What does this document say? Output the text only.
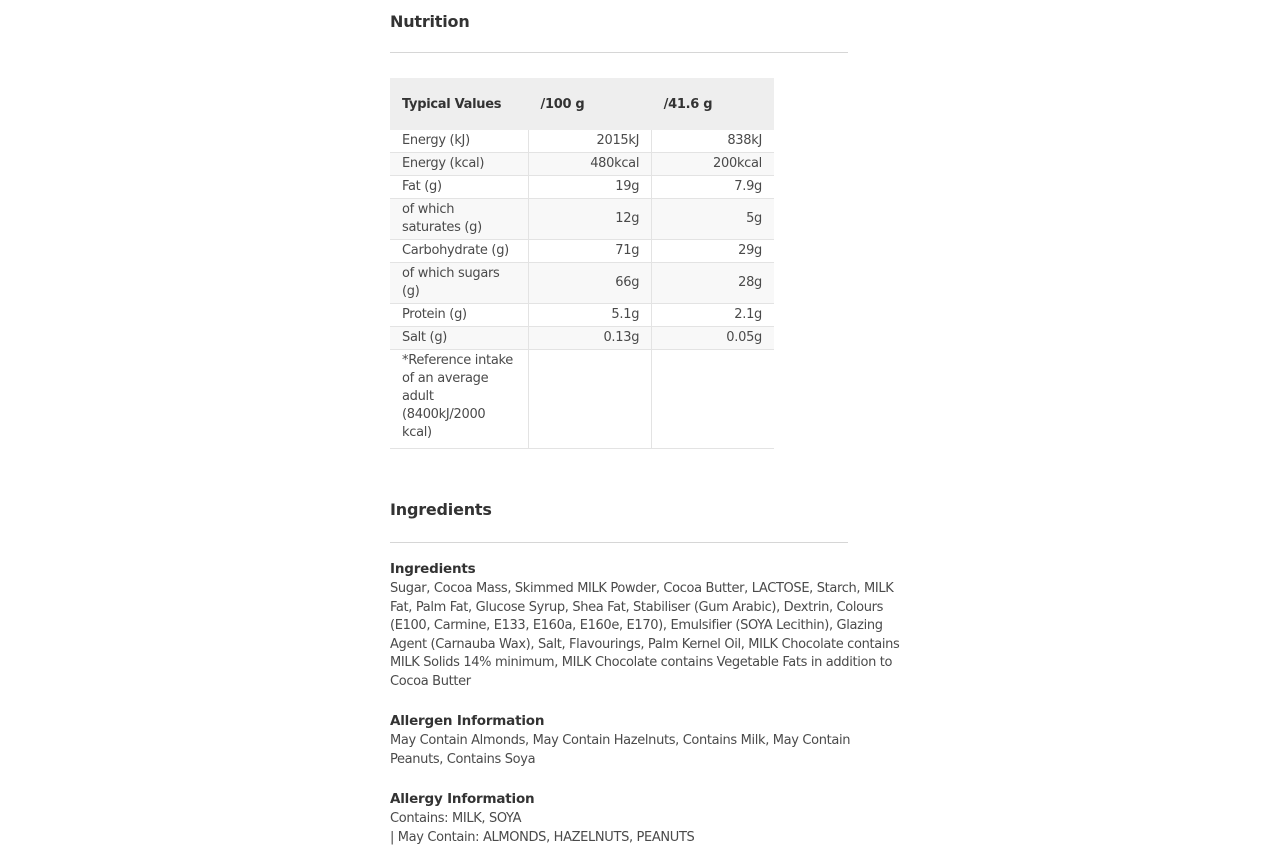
Nutrition
Typical Values	/100 g	/41.6 g
Energy (kJ)	2015kJ	838kJ
Energy (kcal)	480kcal	200kcal
Fat (g)	19g	7.9g
of which saturates (g)	12g	5g
Carbohydrate (g)	71g	29g
of which sugars (g)	66g	28g
Protein (g)	5.1g	2.1g
Salt (g)	0.13g	0.05g
*Reference intake of an average adult (8400kJ/2000 kcal)		
Ingredients
Ingredients

Sugar, Cocoa Mass, Skimmed MILK Powder, Cocoa Butter, LACTOSE, Starch, MILK Fat, Palm Fat, Glucose Syrup, Shea Fat, Stabiliser (Gum Arabic), Dextrin, Colours (E100, Carmine, E133, E160a, E160e, E170), Emulsifier (SOYA Lecithin), Glazing Agent (Carnauba Wax), Salt, Flavourings, Palm Kernel Oil, MILK Chocolate contains MILK Solids 14% minimum, MILK Chocolate contains Vegetable Fats in addition to Cocoa Butter

Allergen Information

May Contain Almonds, May Contain Hazelnuts, Contains Milk, May Contain Peanuts, Contains Soya

Allergy Information

Contains: MILK, SOYA
| May Contain: ALMONDS, HAZELNUTS, PEANUTS
